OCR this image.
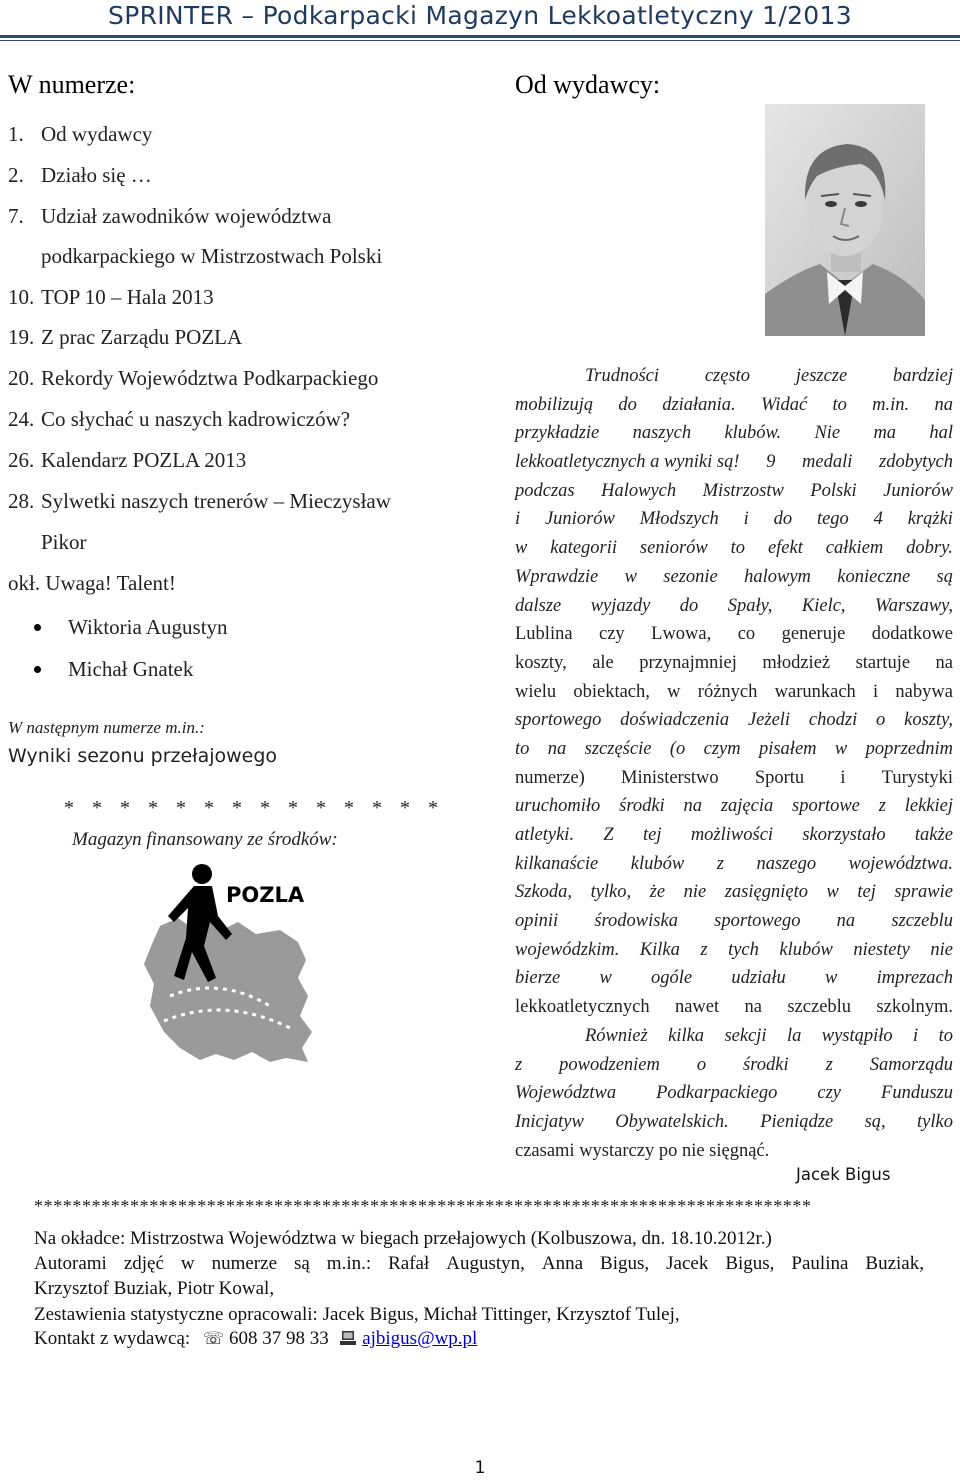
SPRINTER – Podkarpacki Magazyn Lekkoatletyczny 1/2013
W numerze:
1. Od wydawcy
2. Działo się …
7. Udział zawodników województwa
podkarpackiego w Mistrzostwach Polski
10. TOP 10 – Hala 2013
19. Z prac Zarządu POZLA
20. Rekordy Województwa Podkarpackiego
24. Co słychać u naszych kadrowiczów?
26. Kalendarz POZLA 2013
28. Sylwetki naszych trenerów – Mieczysław
Pikor
okł. Uwaga! Talent!
Wiktoria Augustyn
Michał Gnatek
W następnym numerze m.in.:
Wyniki sezonu przełajowego
* * * * * * * * * * * * * *
Magazyn finansowany ze środków:
POZLA
Od wydawcy:
Trudności często jeszcze bardziej
mobilizują do działania. Widać to m.in. na
przykładzie naszych klubów. Nie ma hal
lekkoatletycznych a wyniki są! 9 medali zdobytych
podczas Halowych Mistrzostw Polski Juniorów
i Juniorów Młodszych i do tego 4 krążki
w kategorii seniorów to efekt całkiem dobry.
Wprawdzie w sezonie halowym konieczne są
dalsze wyjazdy do Spały, Kielc, Warszawy,
Lublina czy Lwowa, co generuje dodatkowe
koszty, ale przynajmniej młodzież startuje na
wielu obiektach, w różnych warunkach i nabywa
sportowego doświadczenia Jeżeli chodzi o koszty,
to na szczęście (o czym pisałem w poprzednim
numerze) Ministerstwo Sportu i Turystyki
uruchomiło środki na zajęcia sportowe z lekkiej
atletyki. Z tej możliwości skorzystało także
kilkanaście klubów z naszego województwa.
Szkoda, tylko, że nie zasięgnięto w tej sprawie
opinii środowiska sportowego na szczeblu
wojewódzkim. Kilka z tych klubów niestety nie
bierze w ogóle udziału w imprezach
lekkoatletycznych nawet na szczeblu szkolnym.
Również kilka sekcji la wystąpiło i to
z powodzeniem o środki z Samorządu
Województwa Podkarpackiego czy Funduszu
Inicjatyw Obywatelskich. Pieniądze są, tylko
czasami wystarczy po nie sięgnąć.
Jacek Bigus
*********************************************************************************
Na okładce: Mistrzostwa Województwa w biegach przełajowych (Kolbuszowa, dn. 18.10.2012r.)
Autorami zdjęć w numerze są m.in.: Rafał Augustyn, Anna Bigus, Jacek Bigus, Paulina Buziak,
Krzysztof Buziak, Piotr Kowal,
Zestawienia statystyczne opracowali: Jacek Bigus, Michał Tittinger, Krzysztof Tulej,
Kontakt z wydawcą: ☏ 608 37 98 33 ajbigus@wp.pl
1
